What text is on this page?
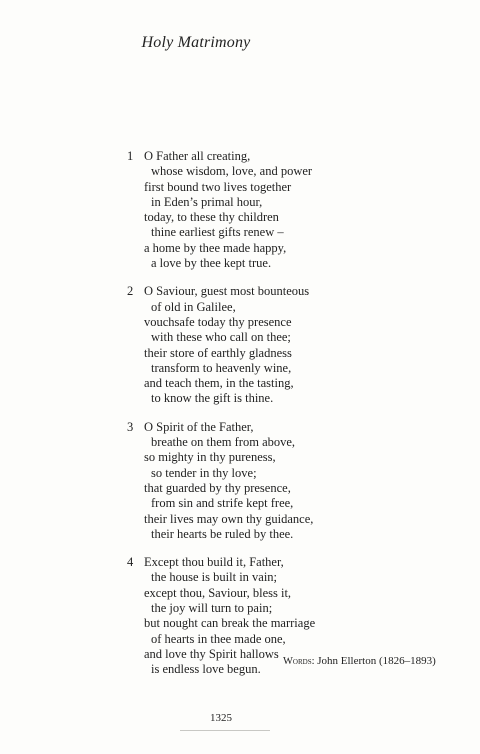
Holy Matrimony
1 O Father all creating,
whose wisdom, love, and power
first bound two lives together
in Eden’s primal hour,
today, to these thy children
thine earliest gifts renew –
a home by thee made happy,
a love by thee kept true.
2 O Saviour, guest most bounteous
of old in Galilee,
vouchsafe today thy presence
with these who call on thee;
their store of earthly gladness
transform to heavenly wine,
and teach them, in the tasting,
to know the gift is thine.
3 O Spirit of the Father,
breathe on them from above,
so mighty in thy pureness,
so tender in thy love;
that guarded by thy presence,
from sin and strife kept free,
their lives may own thy guidance,
their hearts be ruled by thee.
4 Except thou build it, Father,
the house is built in vain;
except thou, Saviour, bless it,
the joy will turn to pain;
but nought can break the marriage
of hearts in thee made one,
and love thy Spirit hallows
is endless love begun.
Words: John Ellerton (1826–1893)
1325
